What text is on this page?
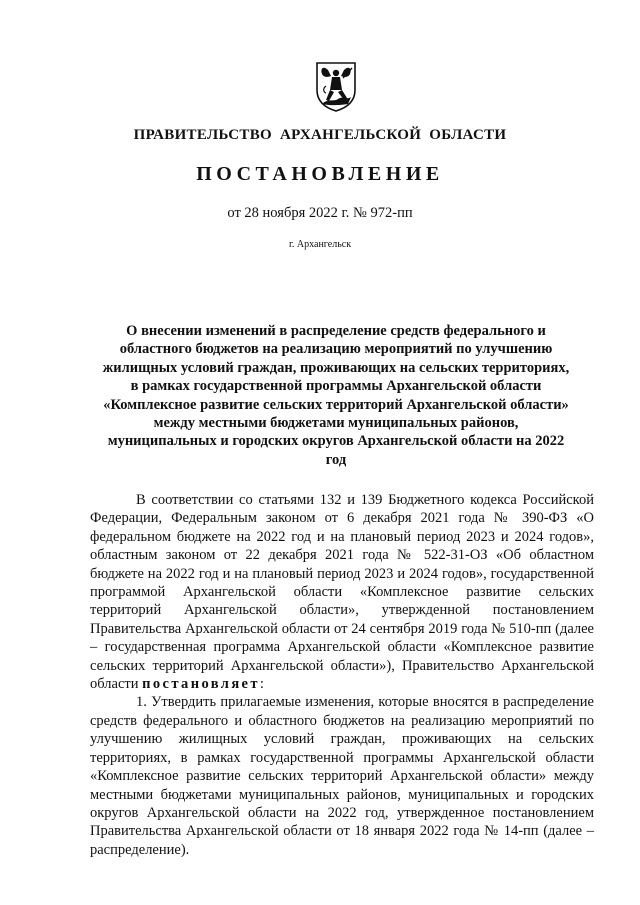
ПРАВИТЕЛЬСТВО АРХАНГЕЛЬСКОЙ ОБЛАСТИ
ПОСТАНОВЛЕНИЕ
от 28 ноября 2022 г. № 972-пп
г. Архангельск
О внесении изменений в распределение средств федерального и областного бюджетов на реализацию мероприятий по улучшению жилищных условий граждан, проживающих на сельских территориях, в рамках государственной программы Архангельской области «Комплексное развитие сельских территорий Архангельской области» между местными бюджетами муниципальных районов, муниципальных и городских округов Архангельской области на 2022 год

В соответствии со статьями 132 и 139 Бюджетного кодекса Российской Федерации, Федеральным законом от 6 декабря 2021 года № 390-ФЗ «О федеральном бюджете на 2022 год и на плановый период 2023 и 2024 годов», областным законом от 22 декабря 2021 года № 522-31-ОЗ «Об областном бюджете на 2022 год и на плановый период 2023 и 2024 годов», государственной программой Архангельской области «Комплексное развитие сельских территорий Архангельской области», утвержденной постановлением Правительства Архангельской области от 24 сентября 2019 года № 510-пп (далее – государственная программа Архангельской области «Комплексное развитие сельских территорий Архангельской области»), Правительство Архангельской области постановляет:

1. Утвердить прилагаемые изменения, которые вносятся в распределение средств федерального и областного бюджетов на реализацию мероприятий по улучшению жилищных условий граждан, проживающих на сельских территориях, в рамках государственной программы Архангельской области «Комплексное развитие сельских территорий Архангельской области» между местными бюджетами муниципальных районов, муниципальных и городских округов Архангельской области на 2022 год, утвержденное постановлением Правительства Архангельской области от 18 января 2022 года № 14-пп (далее – распределение).
